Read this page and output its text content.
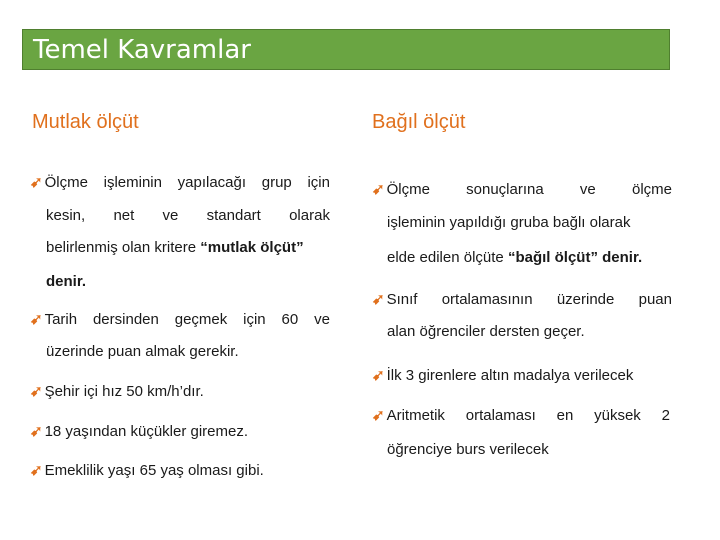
Temel Kavramlar
Mutlak ölçüt	Bağıl ölçüt
➹ Ölçme işleminin yapılacağı grup için
kesin, net ve standart olarak
belirlenmiş olan kritere “mutlak ölçüt”
denir.
➹ Tarih dersinden geçmek için 60 ve
üzerinde puan almak gerekir.
➹ Şehir içi hız 50 km/h’dır.
➹ 18 yaşından küçükler giremez.
➹ Emeklilik yaşı 65 yaş olması gibi.
➹ Ölçme sonuçlarına ve ölçme
işleminin yapıldığı gruba bağlı olarak
elde edilen ölçüte “bağıl ölçüt” denir.
➹ Sınıf ortalamasının üzerinde puan
alan öğrenciler dersten geçer.
➹ İlk 3 girenlere altın madalya verilecek
➹ Aritmetik ortalaması en yüksek 2
öğrenciye burs verilecek
